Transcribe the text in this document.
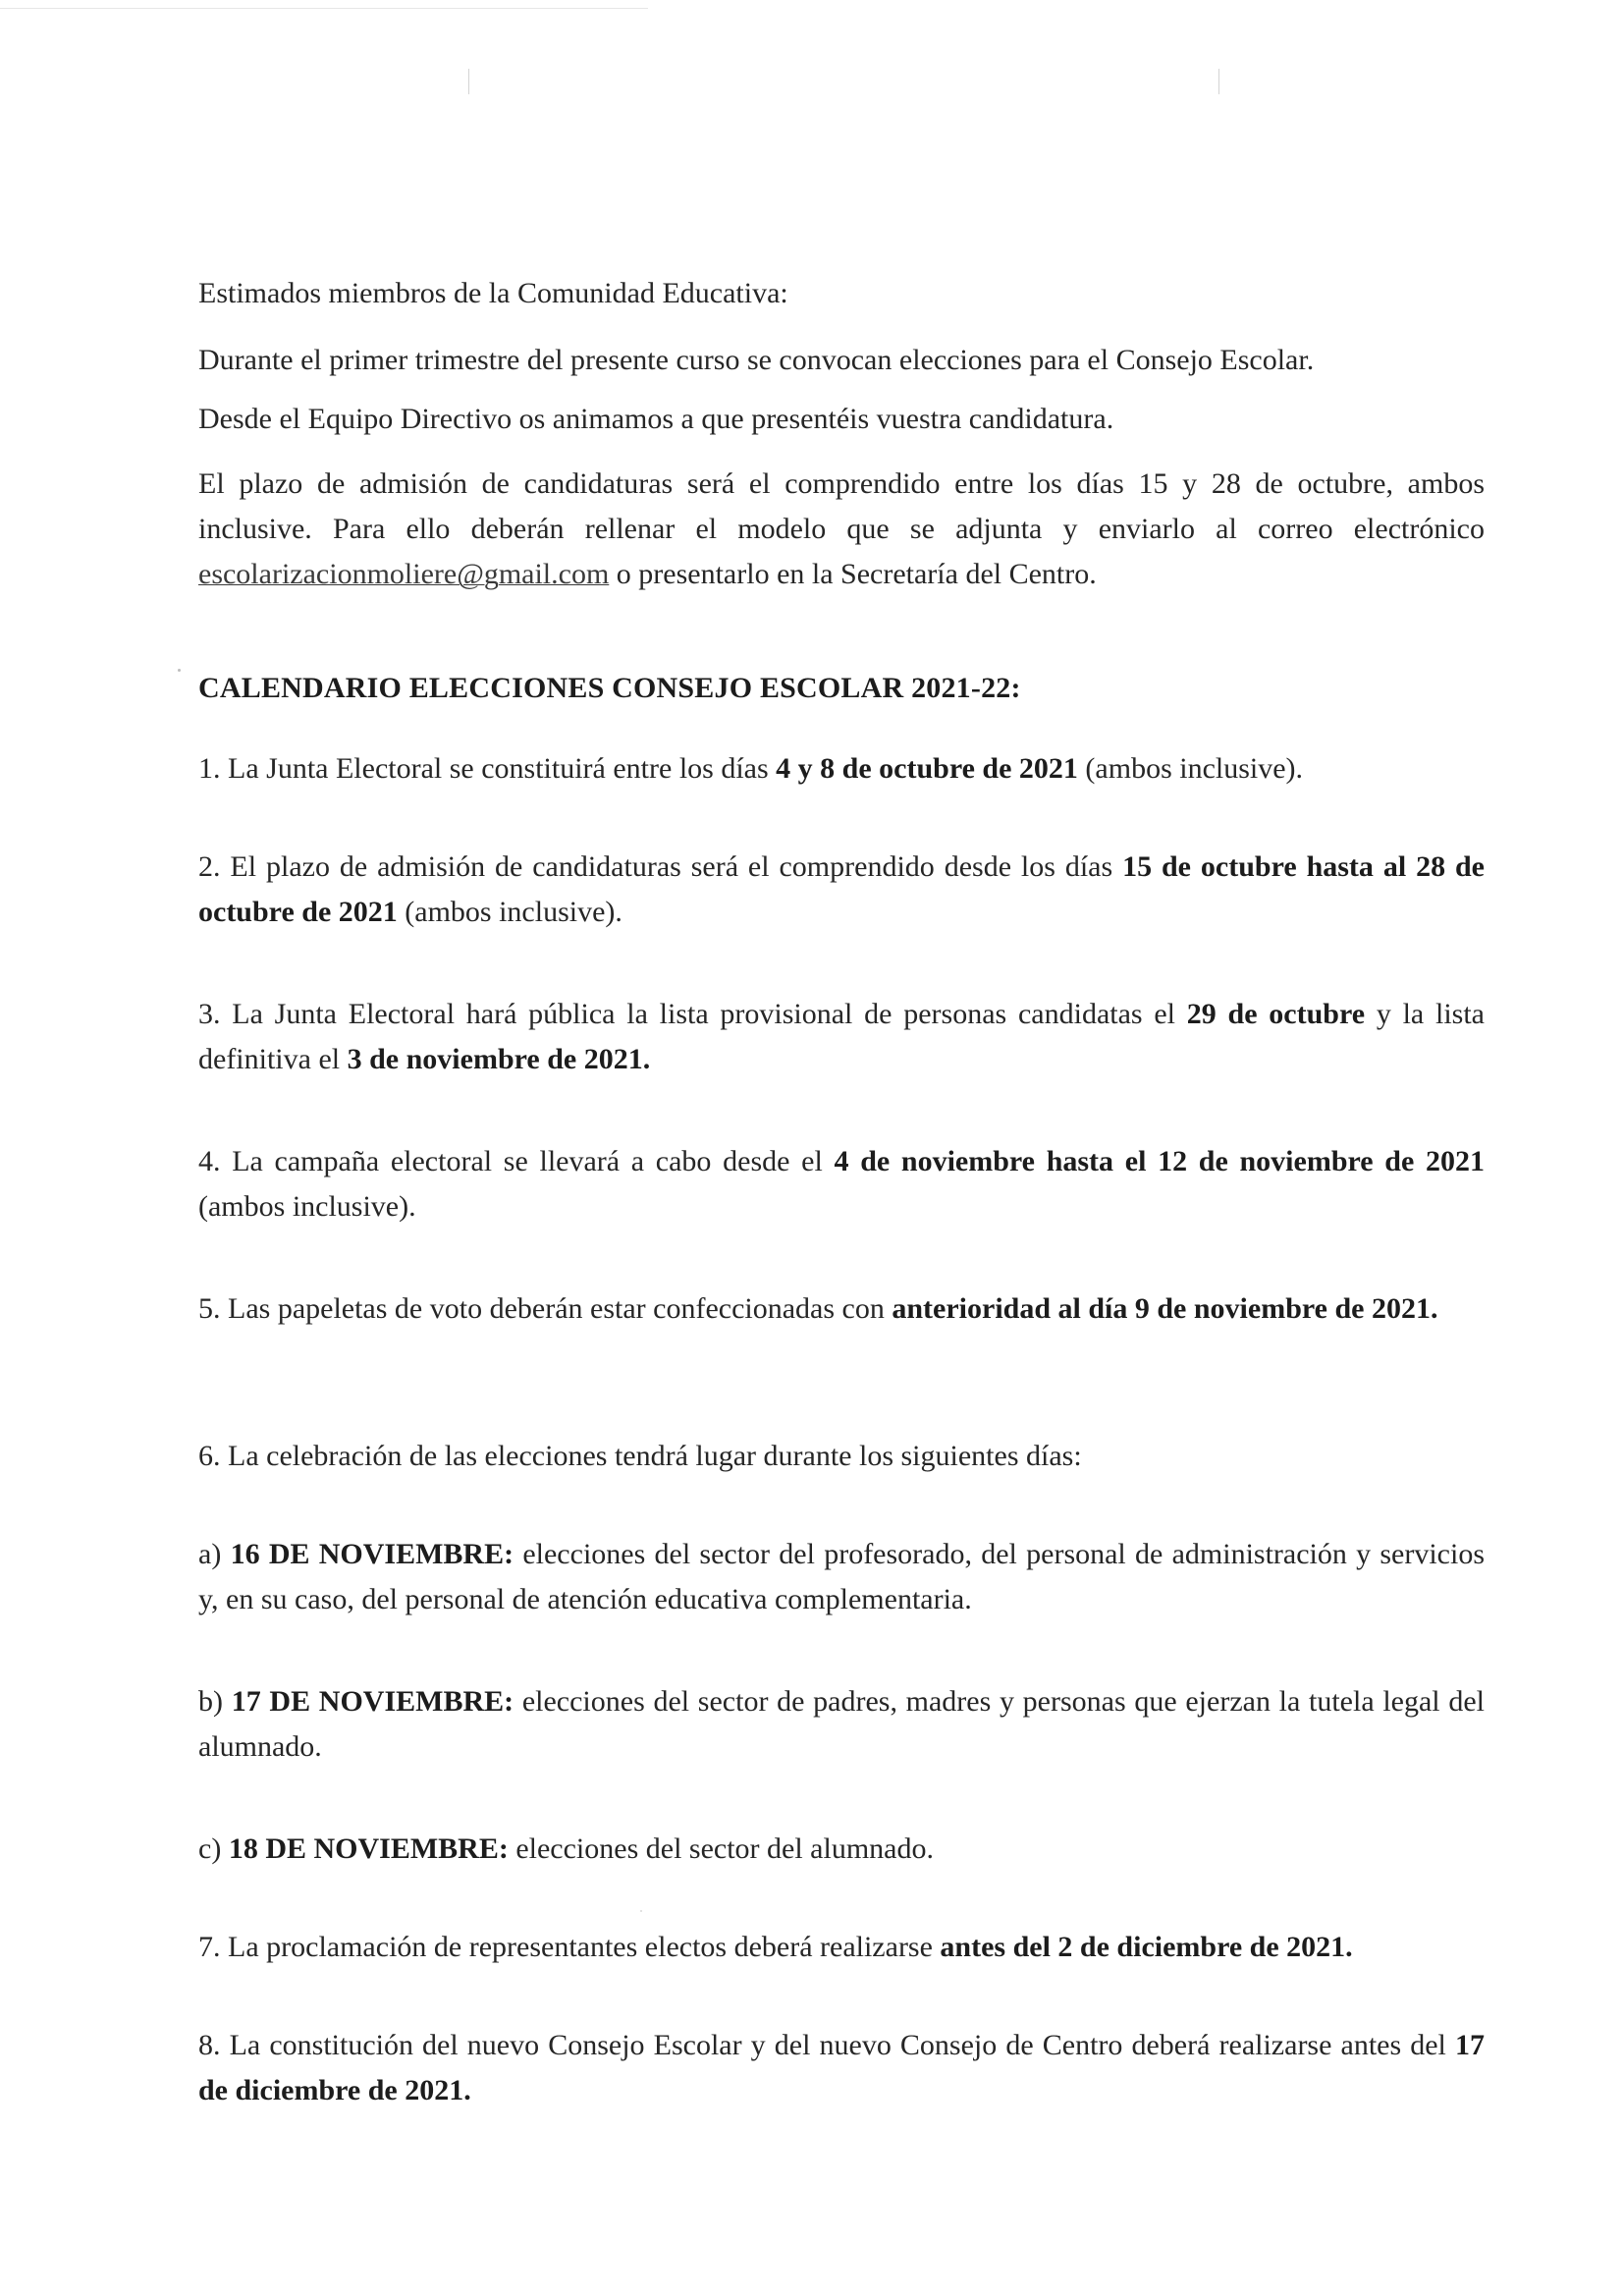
Estimados miembros de la Comunidad Educativa:

Durante el primer trimestre del presente curso se convocan elecciones para el Consejo Escolar.

Desde el Equipo Directivo os animamos a que presentéis vuestra candidatura.

El plazo de admisión de candidaturas será el comprendido entre los días 15 y 28 de octubre, ambos inclusive. Para ello deberán rellenar el modelo que se adjunta y enviarlo al correo electrónico escolarizacionmoliere@gmail.com o presentarlo en la Secretaría del Centro.

CALENDARIO ELECCIONES CONSEJO ESCOLAR 2021-22:

1. La Junta Electoral se constituirá entre los días 4 y 8 de octubre de 2021 (ambos inclusive).

2. El plazo de admisión de candidaturas será el comprendido desde los días 15 de octubre hasta al 28 de octubre de 2021 (ambos inclusive).

3. La Junta Electoral hará pública la lista provisional de personas candidatas el 29 de octubre y la lista definitiva el 3 de noviembre de 2021.

4. La campaña electoral se llevará a cabo desde el 4 de noviembre hasta el 12 de noviembre de 2021 (ambos inclusive).

5. Las papeletas de voto deberán estar confeccionadas con anterioridad al día 9 de noviembre de 2021.

6. La celebración de las elecciones tendrá lugar durante los siguientes días:

a) 16 DE NOVIEMBRE: elecciones del sector del profesorado, del personal de administración y servicios y, en su caso, del personal de atención educativa complementaria.

b) 17 DE NOVIEMBRE: elecciones del sector de padres, madres y personas que ejerzan la tutela legal del alumnado.

c) 18 DE NOVIEMBRE: elecciones del sector del alumnado.

7. La proclamación de representantes electos deberá realizarse antes del 2 de diciembre de 2021.

8. La constitución del nuevo Consejo Escolar y del nuevo Consejo de Centro deberá realizarse antes del 17 de diciembre de 2021.
